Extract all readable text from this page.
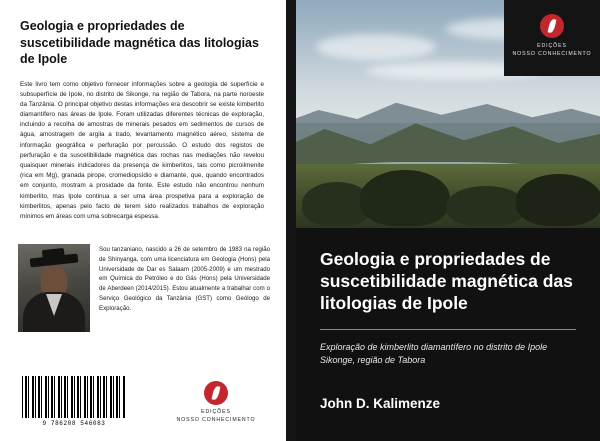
Geologia e propriedades de suscetibilidade magnética das litologias de Ipole
Este livro tem como objetivo fornecer informações sobre a geologia de superfície e subsuperfície de Ipole, no distrito de Sikonge, na região de Tabora, na parte noroeste da Tanzânia. O principal objetivo destas informações era descobrir se existe kimberlito diamantífero nas áreas de Ipole. Foram utilizadas diferentes técnicas de exploração, incluindo a recolha de amostras de minerais pesados em sedimentos de cursos de água, amostragem de argila a trado, levantamento magnético aéreo, sistema de informação geográfica e perfuração por percussão. O estudo dos registos de perfuração e da suscetibilidade magnética das rochas nas mediações não revelou quaisquer minerais indicadores da presença de kimberlitos, tais como picroilmenite (rica em Mg), granada pirope, cromediopsídio e diamante, que, quando encontrados em conjunto, mostram a prosidade da fonte. Este estudo não encontrou nenhum kimberlito, mas Ipole continua a ser uma área prospetiva para a exploração de kimberlitos, apenas pelo facto de terem sido realizados trabalhos de exploração mínimos em áreas com uma sobrecarga espessa.
Sou tanzaniano, nascido a 26 de setembro de 1983 na região de Shinyanga, com uma licenciatura em Geologia (Hons) pela Universidade de Dar es Salaam (2005-2009) e um mestrado em Química do Petróleo e do Gás (Hons) pela Universidade de Aberdeen (2014/2015). Estou atualmente a trabalhar com o Serviço Geológico da Tanzânia (GST) como Geólogo de Exploração.
9 786208 546083
EDIÇÕES
NOSSO CONHECIMENTO
EDIÇÕES
NOSSO CONHECIMENTO
Geologia e propriedades de suscetibilidade magnética das litologias de Ipole
Exploração de kimberlito diamantífero no distrito de Ipole Sikonge, região de Tabora
John D. Kalimenze
